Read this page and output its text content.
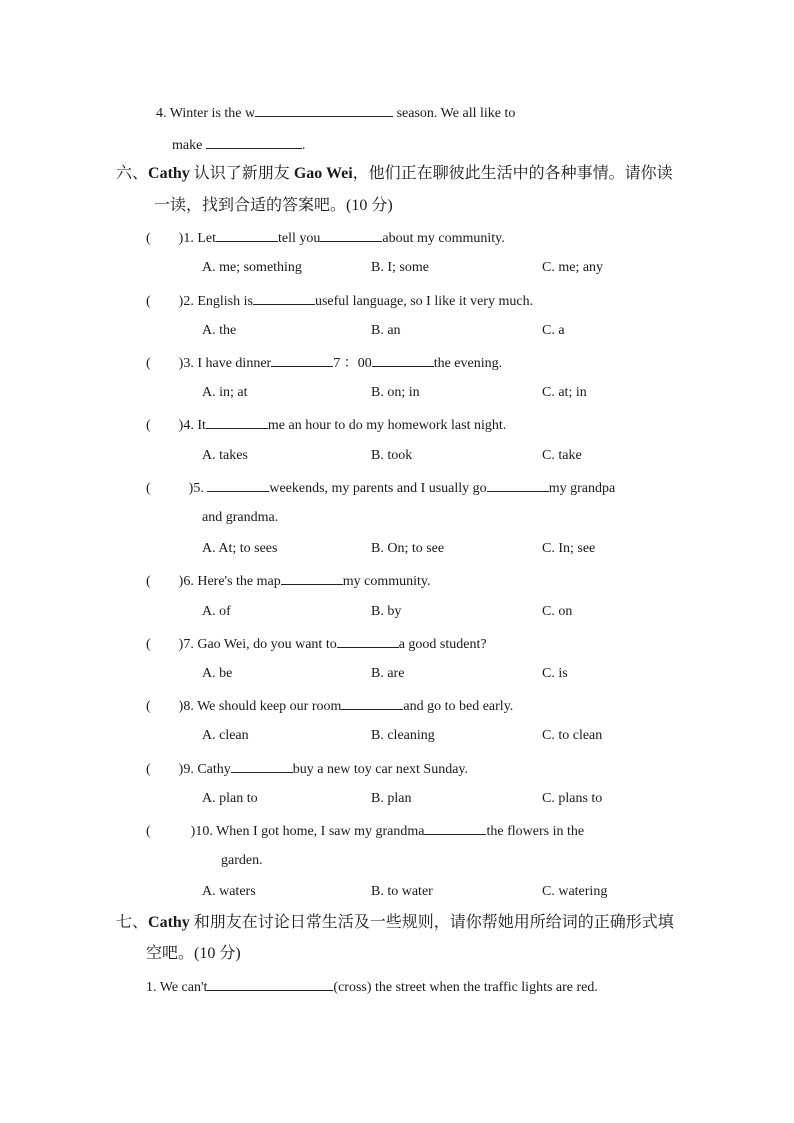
4. Winter is the w	season. We all like to
make	.
六、Cathy 认识了新朋友 Gao Wei，他们正在聊彼此生活中的各种事情。请你读
一读，找到合适的答案吧。(10 分)
( )1. Let	tell you	about my community.
A. me; something	B. I; some	C. me; any
( )2. English is	useful language, so I like it very much.
A. the	B. an	C. a
( )3. I have dinner	7 ：00	the evening.
A. in; at	B. on; in	C. at; in
( )4. It	me an hour to do my homework last night.
A. takes	B. took	C. take
(	)5.	weekends, my parents and I usually go	my grandpa
and grandma.
A. At; to sees	B. On; to see	C. In; see
( )6. Here's the map	my community.
A. of	B. by	C. on
( )7. Gao Wei, do you want to	a good student?
A. be	B. are	C. is
( )8. We should keep our room	and go to bed early.
A. clean	B. cleaning	C. to clean
( )9. Cathy	buy a new toy car next Sunday.
A. plan to	B. plan	C. plans to
(	)10. When I got home, I saw my grandma	the flowers in the
garden.
A. waters	B. to water	C. watering
七、Cathy 和朋友在讨论日常生活及一些规则，请你帮她用所给词的正确形式填
空吧。(10 分)
1. We can't	(cross) the street when the traffic lights are red.
